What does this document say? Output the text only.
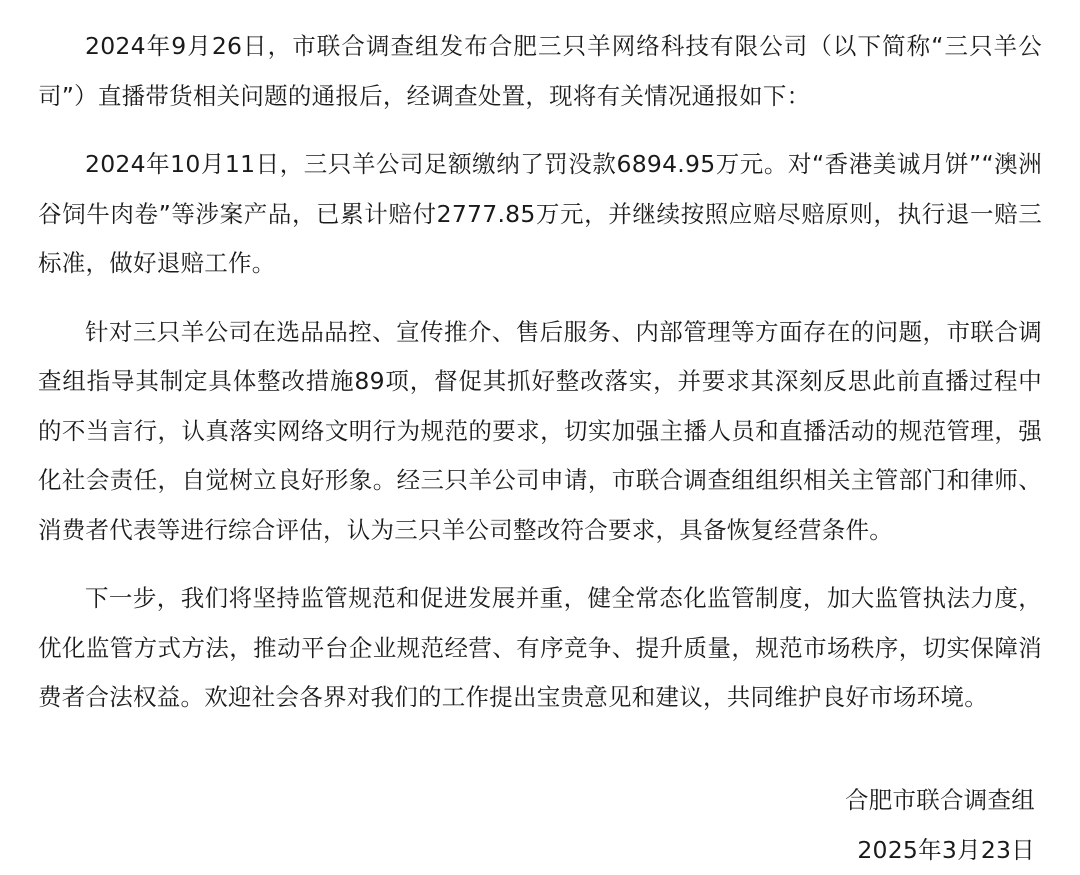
2024年9月26日，市联合调查组发布合肥三只羊网络科技有限公司（以下简称“三只羊公司”）直播带货相关问题的通报后，经调查处置，现将有关情况通报如下：

2024年10月11日，三只羊公司足额缴纳了罚没款6894.95万元。对“香港美诚月饼”“澳洲谷饲牛肉卷”等涉案产品，已累计赔付2777.85万元，并继续按照应赔尽赔原则，执行退一赔三标准，做好退赔工作。

针对三只羊公司在选品品控、宣传推介、售后服务、内部管理等方面存在的问题，市联合调查组指导其制定具体整改措施89项，督促其抓好整改落实，并要求其深刻反思此前直播过程中的不当言行，认真落实网络文明行为规范的要求，切实加强主播人员和直播活动的规范管理，强化社会责任，自觉树立良好形象。经三只羊公司申请，市联合调查组组织相关主管部门和律师、消费者代表等进行综合评估，认为三只羊公司整改符合要求，具备恢复经营条件。

下一步，我们将坚持监管规范和促进发展并重，健全常态化监管制度，加大监管执法力度，优化监管方式方法，推动平台企业规范经营、有序竞争、提升质量，规范市场秩序，切实保障消费者合法权益。欢迎社会各界对我们的工作提出宝贵意见和建议，共同维护良好市场环境。

合肥市联合调查组
2025年3月23日
